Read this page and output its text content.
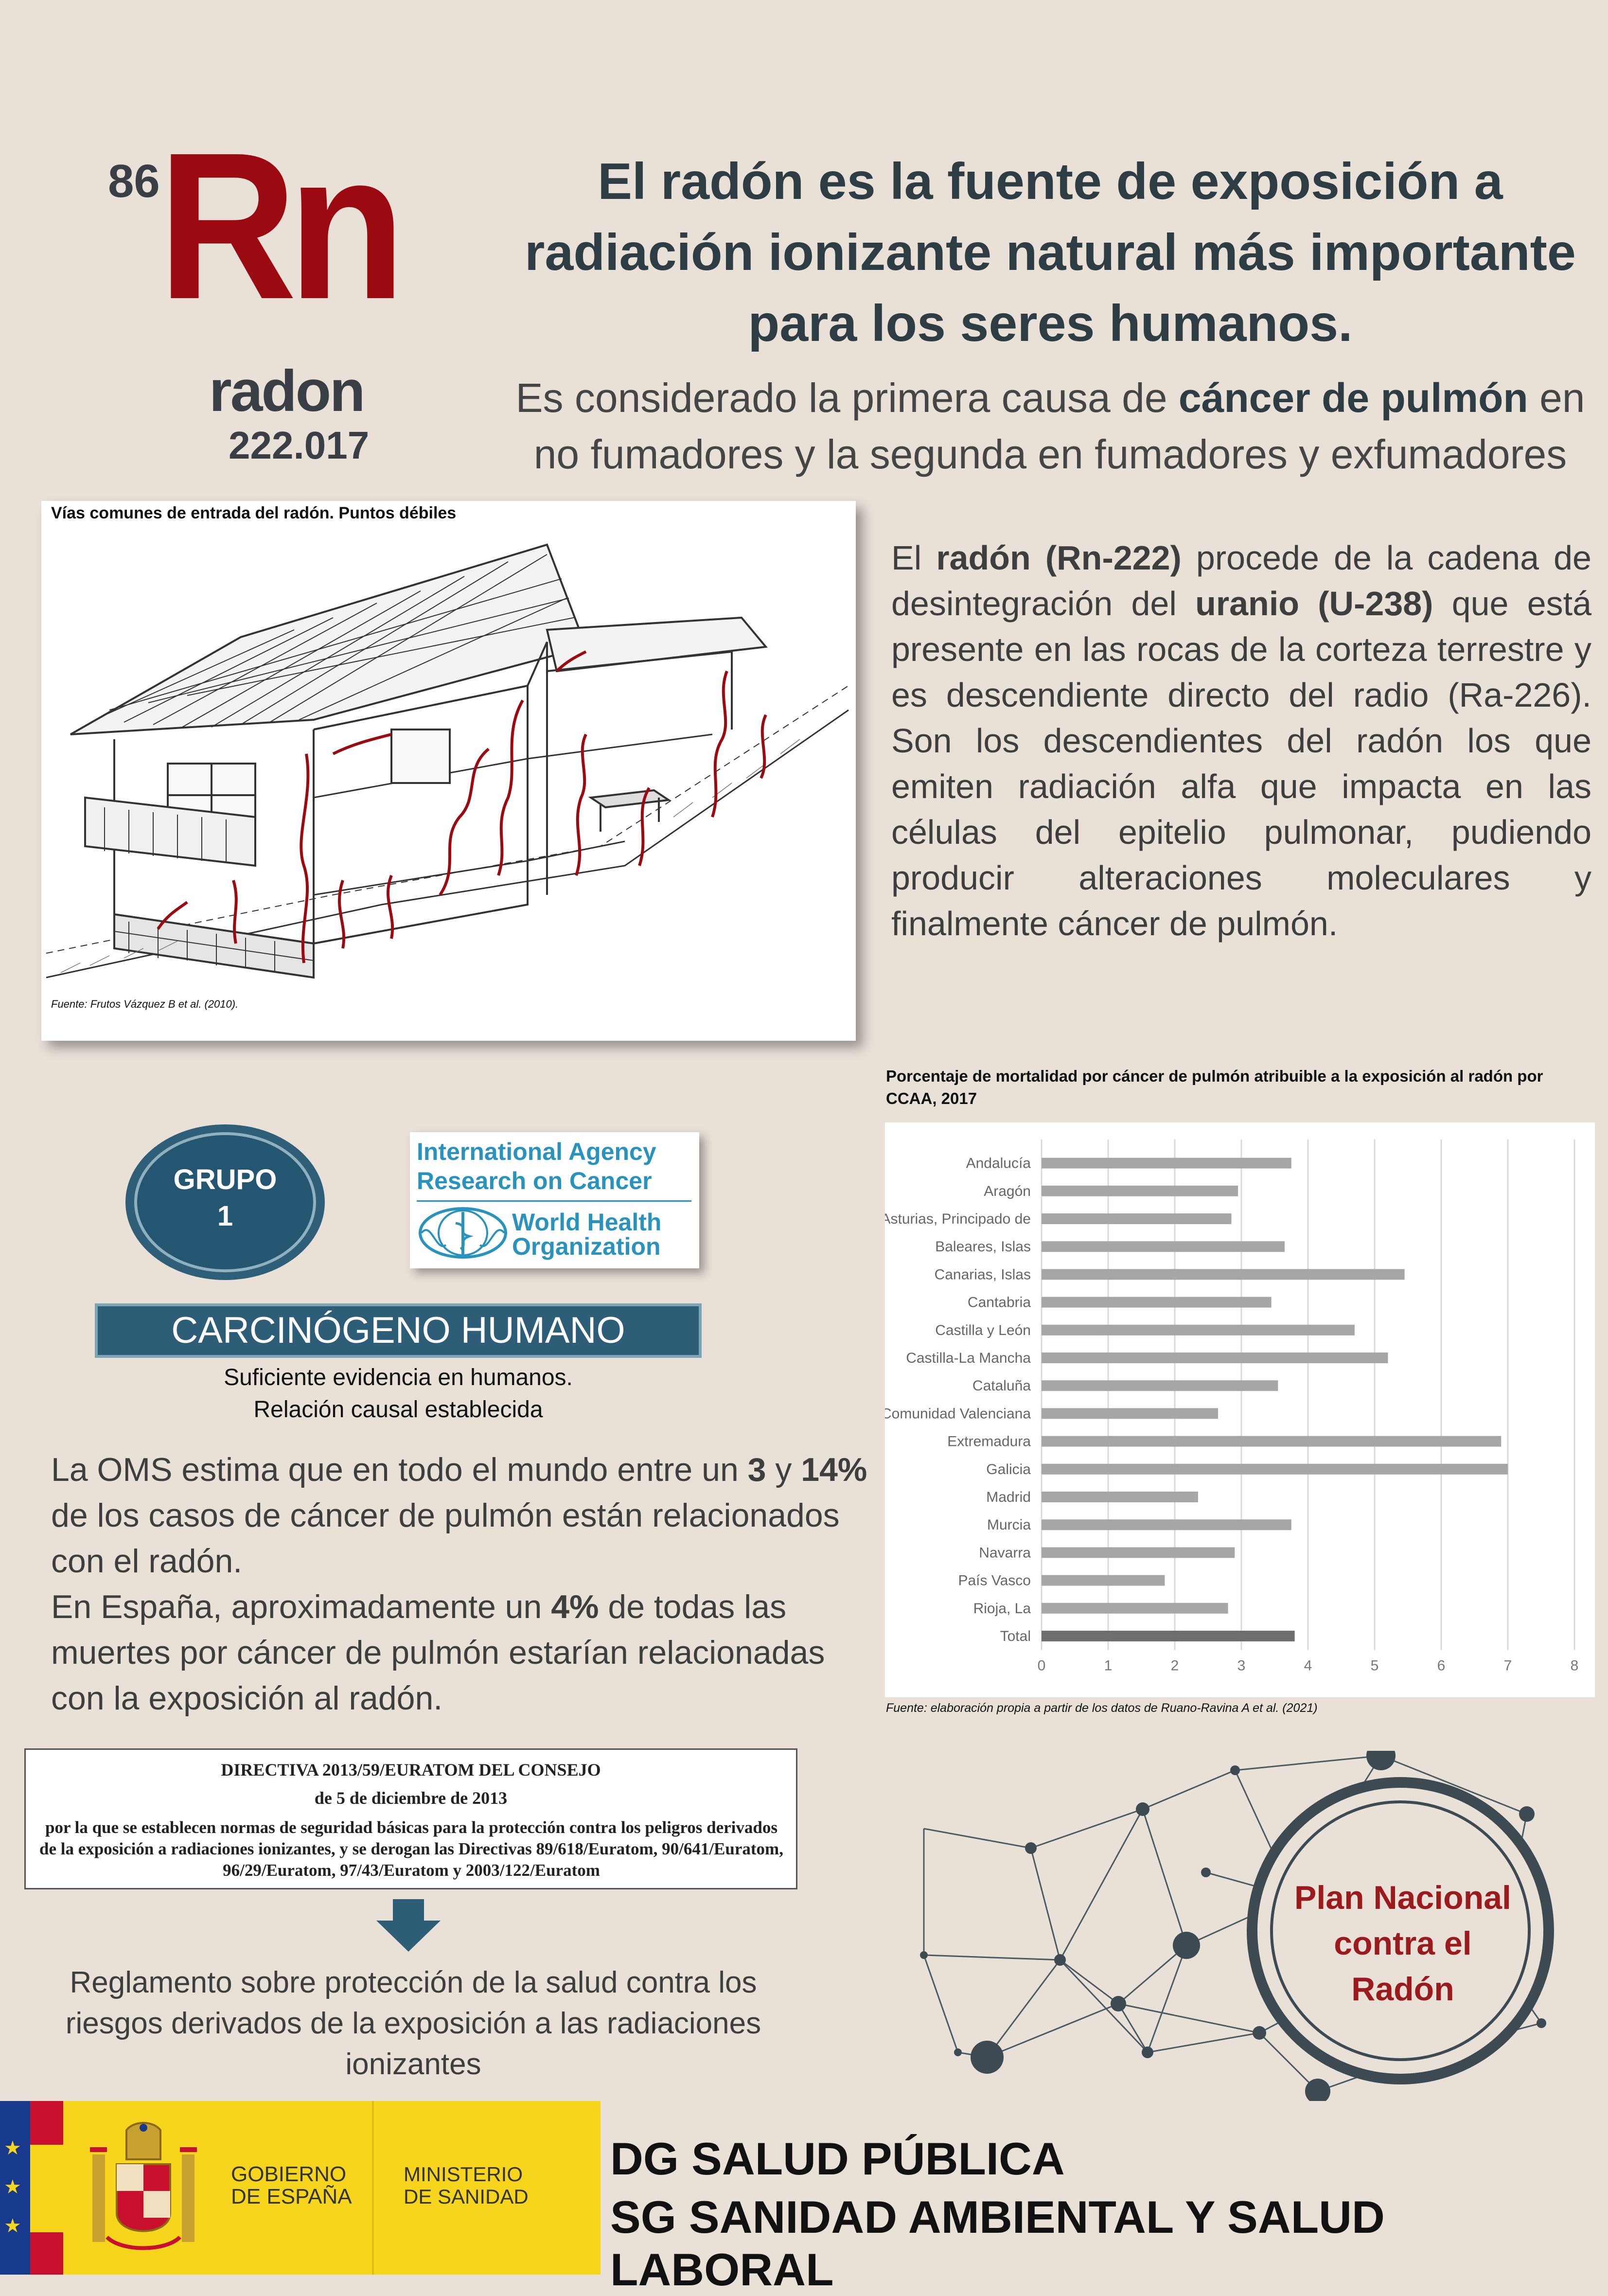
86
Rn
radon
222.017
El radón es la fuente de exposición a radiación ionizante natural más importante para los seres humanos.
Es considerado la primera causa de cáncer de pulmón en no fumadores y la segunda en fumadores y exfumadores
Vías comunes de entrada del radón. Puntos débiles
Fuente: Frutos Vázquez B et al. (2010).
El radón (Rn-222) procede de la cadena de desintegración del uranio (U-238) que está presente en las rocas de la corteza terrestre y es descendiente directo del radio (Ra-226). Son los descendientes del radón los que emiten radiación alfa que impacta en las células del epitelio pulmonar, pudiendo producir alteraciones moleculares y finalmente cáncer de pulmón.
GRUPO
1
International Agency
Research on Cancer
World Health
Organization
CARCINÓGENO HUMANO
Suficiente evidencia en humanos.
Relación causal establecida
La OMS estima que en todo el mundo entre un 3 y 14% de los casos de cáncer de pulmón están relacionados con el radón.
En España, aproximadamente un 4% de todas las muertes por cáncer de pulmón estarían relacionadas con la exposición al radón.
DIRECTIVA 2013/59/EURATOM DEL CONSEJO
de 5 de diciembre de 2013
por la que se establecen normas de seguridad básicas para la protección contra los peligros derivados de la exposición a radiaciones ionizantes, y se derogan las Directivas 89/618/Euratom, 90/641/Euratom, 96/29/Euratom, 97/43/Euratom y 2003/122/Euratom
Reglamento sobre protección de la salud contra los riesgos derivados de la exposición a las radiaciones ionizantes
Porcentaje de mortalidad por cáncer de pulmón atribuible a la exposición al radón por CCAA, 2017
0	1	2	3	4	5	6	7	8
Andalucía
Aragón
Asturias, Principado de
Baleares, Islas
Canarias, Islas
Cantabria
Castilla y León
Castilla-La Mancha
Cataluña
Comunidad Valenciana
Extremadura
Galicia
Madrid
Murcia
Navarra
País Vasco
Rioja, La
Total
Fuente: elaboración propia a partir de los datos de Ruano-Ravina A et al. (2021)
Plan Nacional
contra el
Radón
★
★
★
GOBIERNO
DE ESPAÑA
MINISTERIO
DE SANIDAD
DG SALUD PÚBLICA
SG SANIDAD AMBIENTAL Y SALUD LABORAL
